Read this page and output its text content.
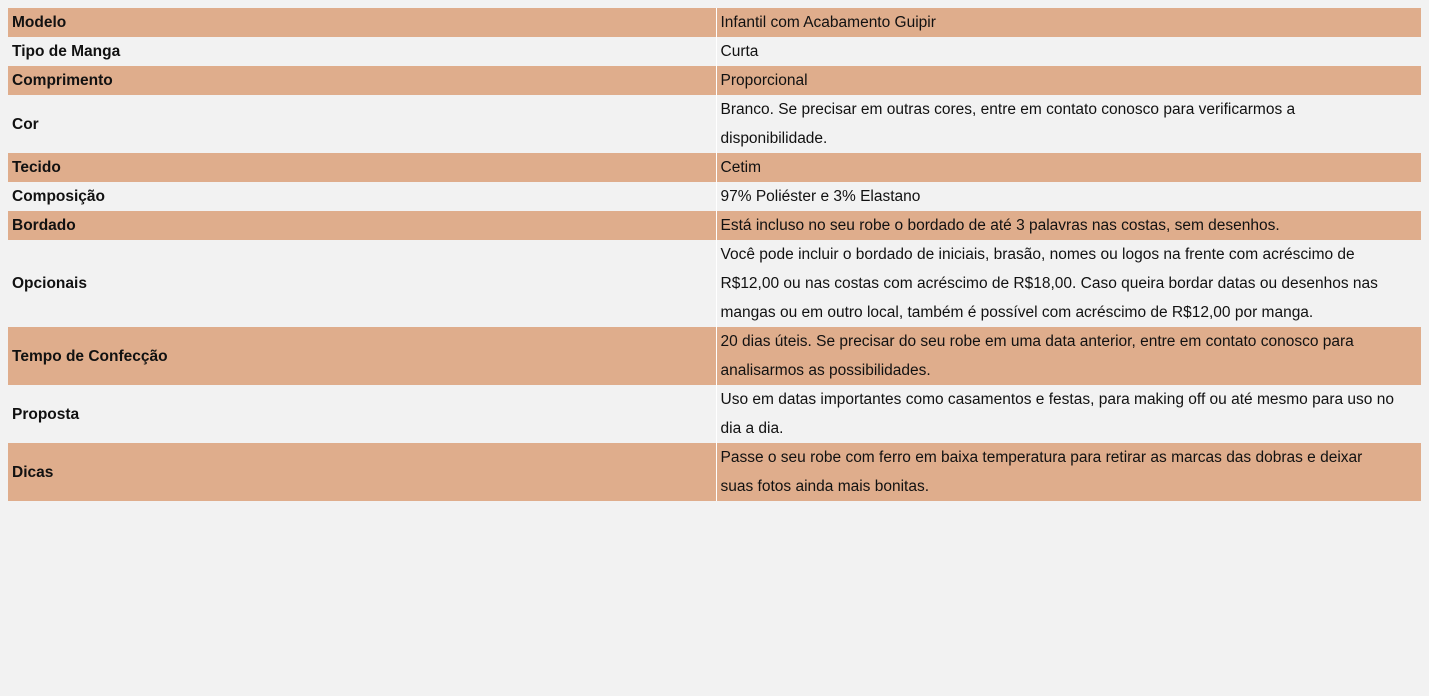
Modelo	Infantil com Acabamento Guipir
Tipo de Manga	Curta
Comprimento	Proporcional
Cor	Branco. Se precisar em outras cores, entre em contato conosco para verificarmos a disponibilidade.
Tecido	Cetim
Composição	97% Poliéster e 3% Elastano
Bordado	Está incluso no seu robe o bordado de até 3 palavras nas costas, sem desenhos.
Opcionais	Você pode incluir o bordado de iniciais, brasão, nomes ou logos na frente com acréscimo de R$12,00 ou nas costas com acréscimo de R$18,00. Caso queira bordar datas ou desenhos nas mangas ou em outro local, também é possível com acréscimo de R$12,00 por manga.
Tempo de Confecção	20 dias úteis. Se precisar do seu robe em uma data anterior, entre em contato conosco para analisarmos as possibilidades.
Proposta	Uso em datas importantes como casamentos e festas, para making off ou até mesmo para uso no dia a dia.
Dicas	Passe o seu robe com ferro em baixa temperatura para retirar as marcas das dobras e deixar suas fotos ainda mais bonitas.
